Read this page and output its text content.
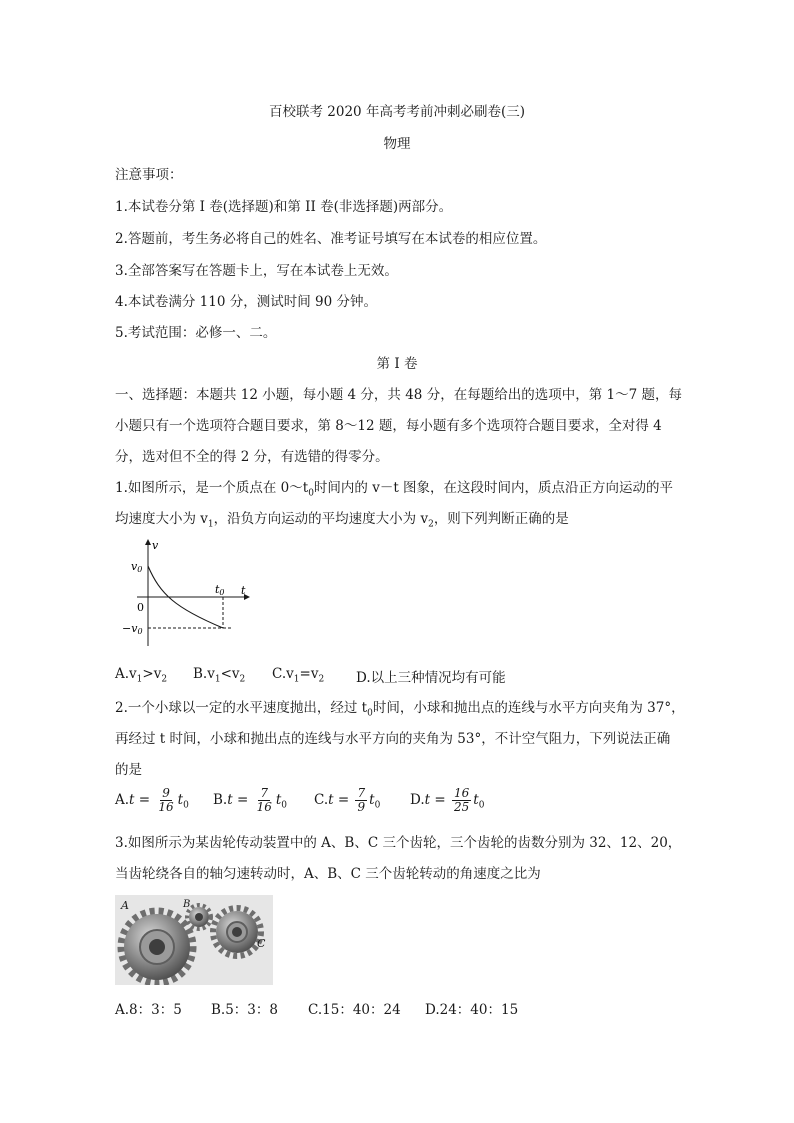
百校联考 2020 年高考考前冲刺必刷卷(三)
物理
注意事项：
1.本试卷分第 I 卷(选择题)和第 II 卷(非选择题)两部分。
2.答题前，考生务必将自己的姓名、准考证号填写在本试卷的相应位置。
3.全部答案写在答题卡上，写在本试卷上无效。
4.本试卷满分 110 分，测试时间 90 分钟。
5.考试范围：必修一、二。
第 I 卷
一、选择题：本题共 12 小题，每小题 4 分，共 48 分，在每题给出的选项中，第 1～7 题，每
小题只有一个选项符合题目要求，第 8～12 题，每小题有多个选项符合题目要求，全对得 4
分，选对但不全的得 2 分，有选错的得零分。
1.如图所示，是一个质点在 $0\sim t_0$时间内的 v－t 图象，在这段时间内，质点沿正方向运动的平
均速度大小为 $v_1$，沿负方向运动的平均速度大小为 $v_2$，则下列判断正确的是
v
t
v0
0
−v0
t0
$A.v_1>v_2$ $B.v_1<v_2$ $C.v_1=v_2$ D.以上三种情况均有可能
2.一个小球以一定的水平速度抛出，经过 $t_0$时间，小球和抛出点的连线与水平方向夹角为 37°，
再经过 t 时间，小球和抛出点的连线与水平方向的夹角为 53°，不计空气阻力，下列说法正确
的是
$A.t = \frac{9}{16} t_0$ $B.t = \frac{7}{16} t_0$ $C.t = \frac{7}{9} t_0$ $D.t = \frac{16}{25} t_0$
3.如图所示为某齿轮传动装置中的 A、B、C 三个齿轮，三个齿轮的齿数分别为 32、12、20，
当齿轮绕各自的轴匀速转动时，A、B、C 三个齿轮转动的角速度之比为
A	B
C
A.8：3：5 B.5：3：8 C.15：40：24 D.24：40：15
